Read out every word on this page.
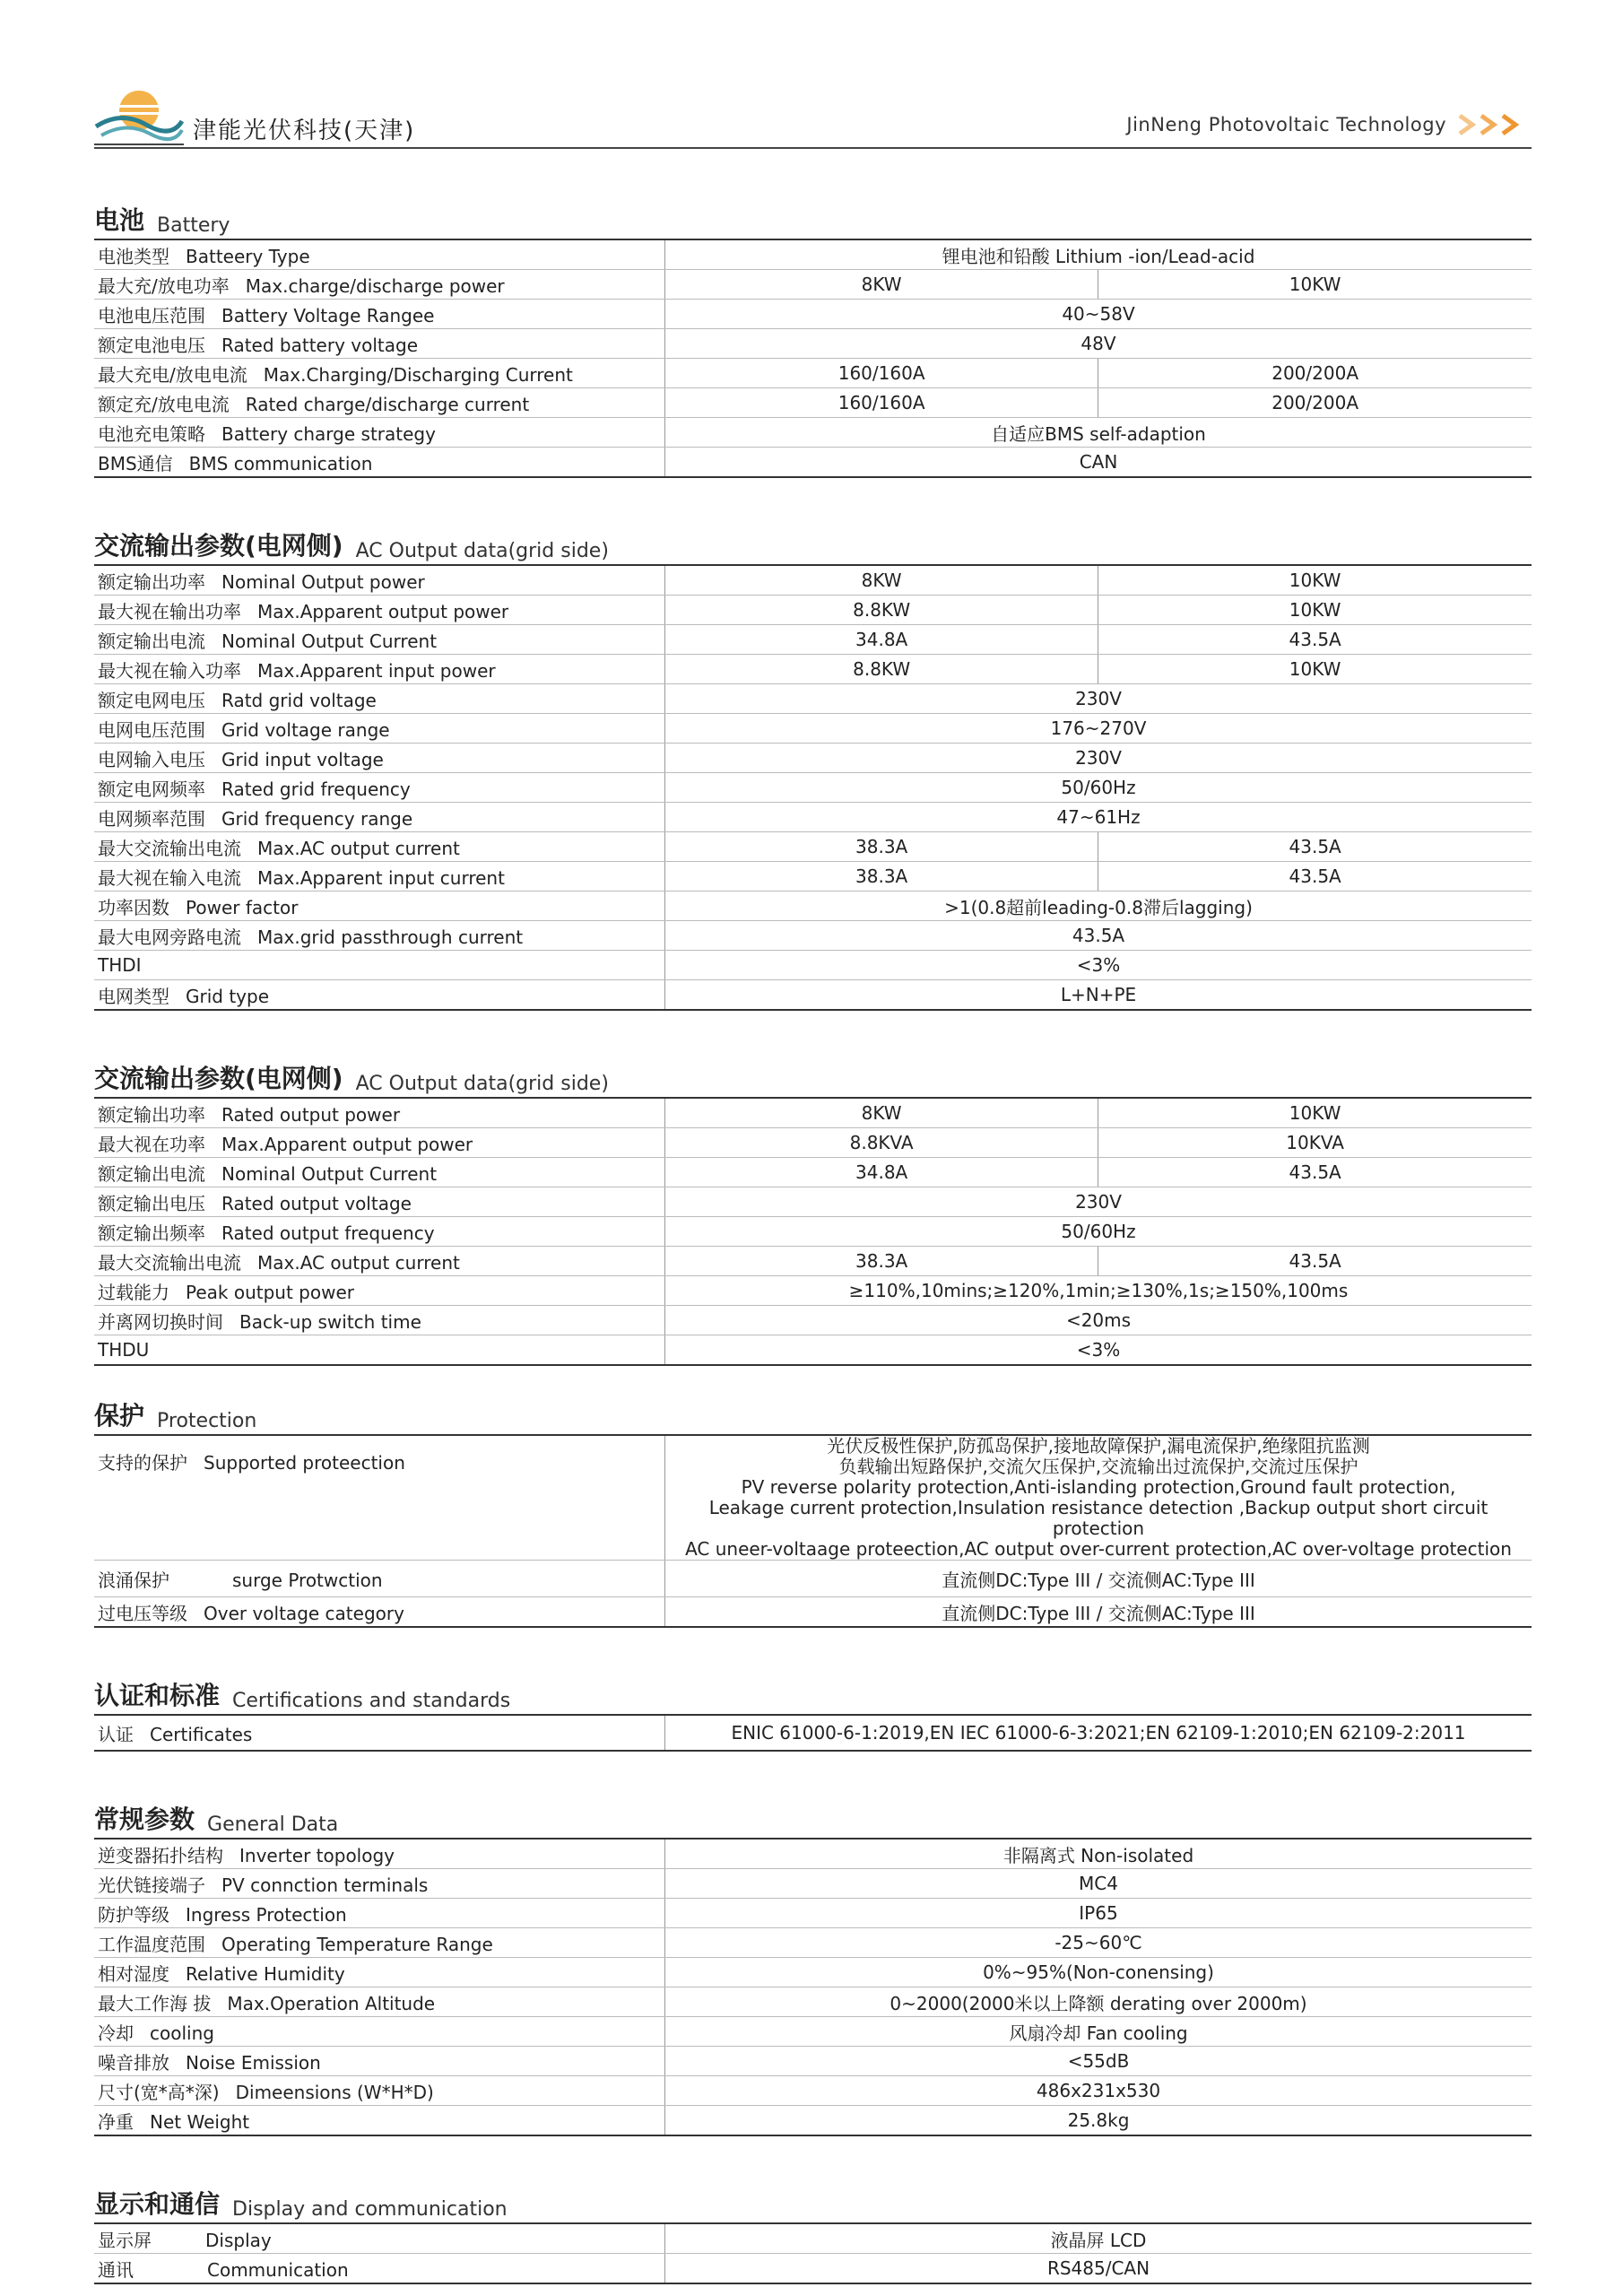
津能光伏科技(天津)	JinNeng Photovoltaic Technology
电池 Battery
电池类型 Batteery Type	锂电池和铅酸 Lithium -ion/Lead-acid	
最大充/放电功率 Max.charge/discharge power	8KW	10KW
电池电压范围 Battery Voltage Rangee	40~58V	
额定电池电压 Rated battery voltage	48V	
最大充电/放电电流 Max.Charging/Discharging Current	160/160A	200/200A
额定充/放电电流 Rated charge/discharge current	160/160A	200/200A
电池充电策略 Battery charge strategy	自适应BMS self-adaption	
BMS通信 BMS communication	CAN	
交流输出参数(电网侧) AC Output data(grid side)
额定输出功率 Nominal Output power	8KW	10KW
最大视在输出功率 Max.Apparent output power	8.8KW	10KW
额定输出电流 Nominal Output Current	34.8A	43.5A
最大视在输入功率 Max.Apparent input power	8.8KW	10KW
额定电网电压 Ratd grid voltage	230V	
电网电压范围 Grid voltage range	176~270V	
电网输入电压 Grid input voltage	230V	
额定电网频率 Rated grid frequency	50/60Hz	
电网频率范围 Grid frequency range	47~61Hz	
最大交流输出电流 Max.AC output current	38.3A	43.5A
最大视在输入电流 Max.Apparent input current	38.3A	43.5A
功率因数 Power factor	>1(0.8超前leading-0.8滞后lagging)	
最大电网旁路电流 Max.grid passthrough current	43.5A	
THDI	<3%	
电网类型 Grid type	L+N+PE	
交流输出参数(电网侧) AC Output data(grid side)
额定输出功率 Rated output power	8KW	10KW
最大视在功率 Max.Apparent output power	8.8KVA	10KVA
额定输出电流 Nominal Output Current	34.8A	43.5A
额定输出电压 Rated output voltage	230V	
额定输出频率 Rated output frequency	50/60Hz	
最大交流输出电流 Max.AC output current	38.3A	43.5A
过载能力 Peak output power	≥110%,10mins;≥120%,1min;≥130%,1s;≥150%,100ms	
并离网切换时间 Back-up switch time	<20ms	
THDU	<3%	
保护 Protection
支持的保护 Supported proteection	光伏反极性保护,防孤岛保护,接地故障保护,漏电流保护,绝缘阻抗监测
负载输出短路保护,交流欠压保护,交流输出过流保护,交流过压保护
PV reverse polarity protection,Anti-islanding protection,Ground fault protection,
Leakage current protection,Insulation resistance detection ,Backup output short circuit protection
AC uneer-voltaage proteection,AC output over-current protection,AC over-voltage protection

浪涌保护 surge Protwction	直流侧DC:Type III / 交流侧AC:Type III
过电压等级 Over voltage category	直流侧DC:Type III / 交流侧AC:Type III
认证和标准 Certifications and standards
认证 Certificates	ENIC 61000-6-1:2019,EN IEC 61000-6-3:2021;EN 62109-1:2010;EN 62109-2:2011
常规参数 General Data
逆变器拓扑结构 Inverter topology	非隔离式 Non-isolated
光伏链接端子 PV connction terminals	MC4
防护等级 Ingress Protection	IP65
工作温度范围 Operating Temperature Range	-25~60℃
相对湿度 Relative Humidity	0%~95%(Non-conensing)
最大工作海 拔 Max.Operation Altitude	0~2000(2000米以上降额 derating over 2000m)
冷却 cooling	风扇冷却 Fan cooling
噪音排放 Noise Emission	<55dB
尺寸(宽*高*深) Dimeensions (W*H*D)	486x231x530
净重 Net Weight	25.8kg
显示和通信 Display and communication
显示屏 Display	液晶屏 LCD
通讯 Communication	RS485/CAN
